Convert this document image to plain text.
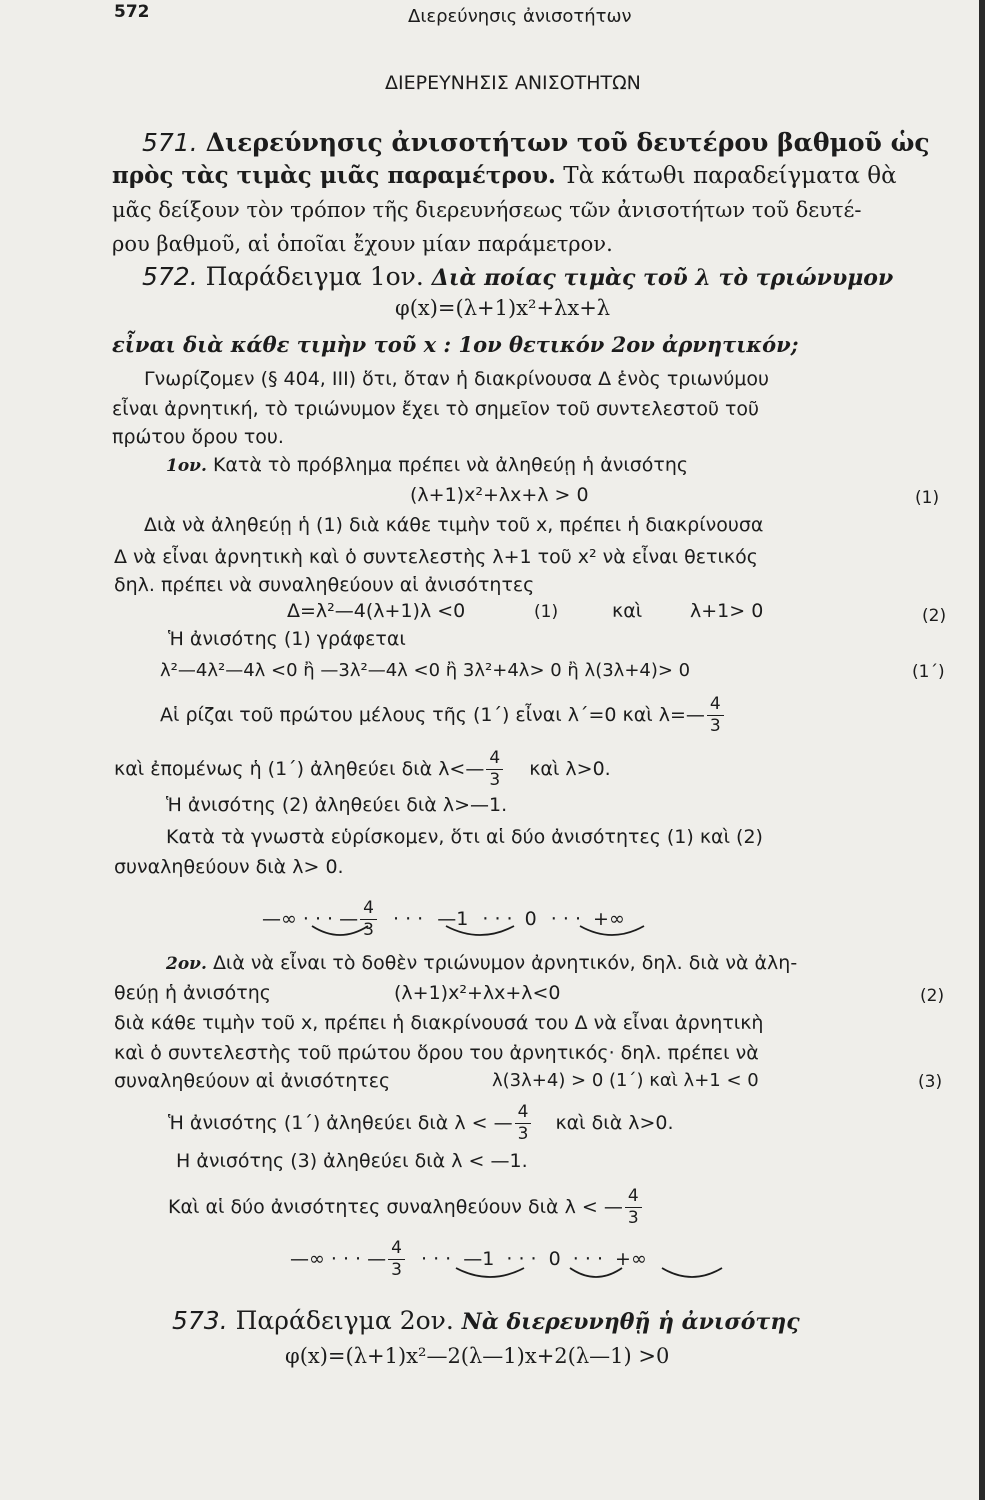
572	Διερεύνησις ἀνισοτήτων
ΔΙΕΡΕΥΝΗΣΙΣ ΑΝΙΣΟΤΗΤΩΝ
571. Διερεύνησις ἀνισοτήτων τοῦ δευτέρου βαθμοῦ ὡς
πρὸς τὰς τιμὰς μιᾶς παραμέτρου. Τὰ κάτωθι παραδείγματα θὰ
μᾶς δείξουν τὸν τρόπον τῆς διερευνήσεως τῶν ἀνισοτήτων τοῦ δευτέ-
ρου βαθμοῦ, αἱ ὁποῖαι ἔχουν μίαν παράμετρον.
572. Παράδειγμα 1ον. Διὰ ποίας τιμὰς τοῦ λ τὸ τριώνυμον
φ(x)=(λ+1)x²+λx+λ
εἶναι διὰ κάθε τιμὴν τοῦ x : 1ον θετικόν 2ον ἀρνητικόν;
Γνωρίζομεν (§ 404, III) ὅτι, ὅταν ἡ διακρίνουσα Δ ἑνὸς τριωνύμου
εἶναι ἀρνητική, τὸ τριώνυμον ἔχει τὸ σημεῖον τοῦ συντελεστοῦ τοῦ
πρώτου ὅρου του.
1ον. Κατὰ τὸ πρόβλημα πρέπει νὰ ἀληθεύῃ ἡ ἀνισότης
(λ+1)x²+λx+λ > 0	(1)
Διὰ νὰ ἀληθεύῃ ἡ (1) διὰ κάθε τιμὴν τοῦ x, πρέπει ἡ διακρίνουσα
Δ νὰ εἶναι ἀρνητικὴ καὶ ὁ συντελεστὴς λ+1 τοῦ x² νὰ εἶναι θετικός
δηλ. πρέπει νὰ συναληθεύουν αἱ ἀνισότητες
Δ=λ²—4(λ+1)λ <0	(1)	καὶ	λ+1> 0	(2)
Ἡ ἀνισότης (1) γράφεται
λ²—4λ²—4λ <0 ἢ —3λ²—4λ <0 ἢ 3λ²+4λ> 0 ἢ λ(3λ+4)> 0	(1΄)
Αἱ ρίζαι τοῦ πρώτου μέλους τῆς (1΄) εἶναι λ΄=0 καὶ λ=— $\frac{4}{3}$
καὶ ἐπομένως ἡ (1΄) ἀληθεύει διὰ λ<— $\frac{4}{3}$ καὶ λ>0.
Ἡ ἀνισότης (2) ἀληθεύει διὰ λ>—1.
Κατὰ τὰ γνωστὰ εὑρίσκομεν, ὅτι αἱ δύο ἀνισότητες (1) καὶ (2)
συναληθεύουν διὰ λ> 0.
—∞ · · · — $\frac{4}{3}$ · · · —1 · · · 0 · · · +∞
2ον. Διὰ νὰ εἶναι τὸ δοθὲν τριώνυμον ἀρνητικόν, δηλ. διὰ νὰ ἀλη-
θεύῃ ἡ ἀνισότης	(λ+1)x²+λx+λ<0	(2)
διὰ κάθε τιμὴν τοῦ x, πρέπει ἡ διακρίνουσά του Δ νὰ εἶναι ἀρνητικὴ
καὶ ὁ συντελεστὴς τοῦ πρώτου ὅρου του ἀρνητικός· δηλ. πρέπει νὰ
συναληθεύουν αἱ ἀνισότητες	λ(3λ+4) > 0 (1΄) καὶ λ+1 < 0	(3)
Ἡ ἀνισότης (1΄) ἀληθεύει διὰ λ < — $\frac{4}{3}$ καὶ διὰ λ>0.
Η ἀνισότης (3) ἀληθεύει διὰ λ < —1.
Καὶ αἱ δύο ἀνισότητες συναληθεύουν διὰ λ < — $\frac{4}{3}$
—∞ · · · — $\frac{4}{3}$ · · · —1 · · · 0 · · · +∞
573. Παράδειγμα 2ον. Νὰ διερευνηθῇ ἡ ἀνισότης
φ(x)=(λ+1)x²—2(λ—1)x+2(λ—1) >0
